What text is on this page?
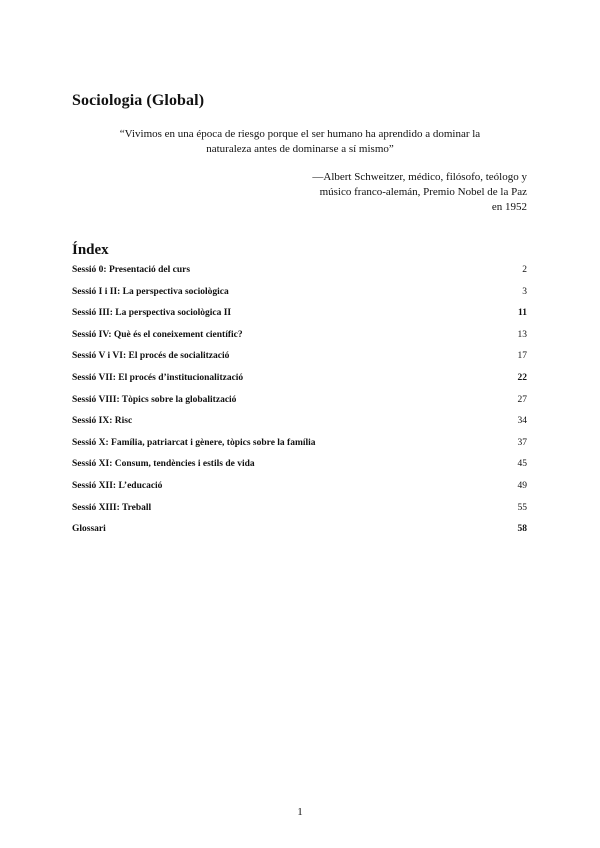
Sociologia (Global)
“Vivimos en una época de riesgo porque el ser humano ha aprendido a dominar la
naturaleza antes de dominarse a sí mismo”
—Albert Schweitzer, médico, filósofo, teólogo y
músico franco-alemán, Premio Nobel de la Paz
en 1952
Índex
Sessió 0: Presentació del curs	2
Sessió I i II: La perspectiva sociològica	3
Sessió III: La perspectiva sociològica II	11
Sessió IV: Què és el coneixement científic?	13
Sessió V i VI: El procés de socialització	17
Sessió VII: El procés d’institucionalització	22
Sessió VIII: Tòpics sobre la globalització	27
Sessió IX: Risc	34
Sessió X: Família, patriarcat i gènere, tòpics sobre la família	37
Sessió XI: Consum, tendències i estils de vida	45
Sessió XII: L’educació	49
Sessió XIII: Treball	55
Glossari	58
1
